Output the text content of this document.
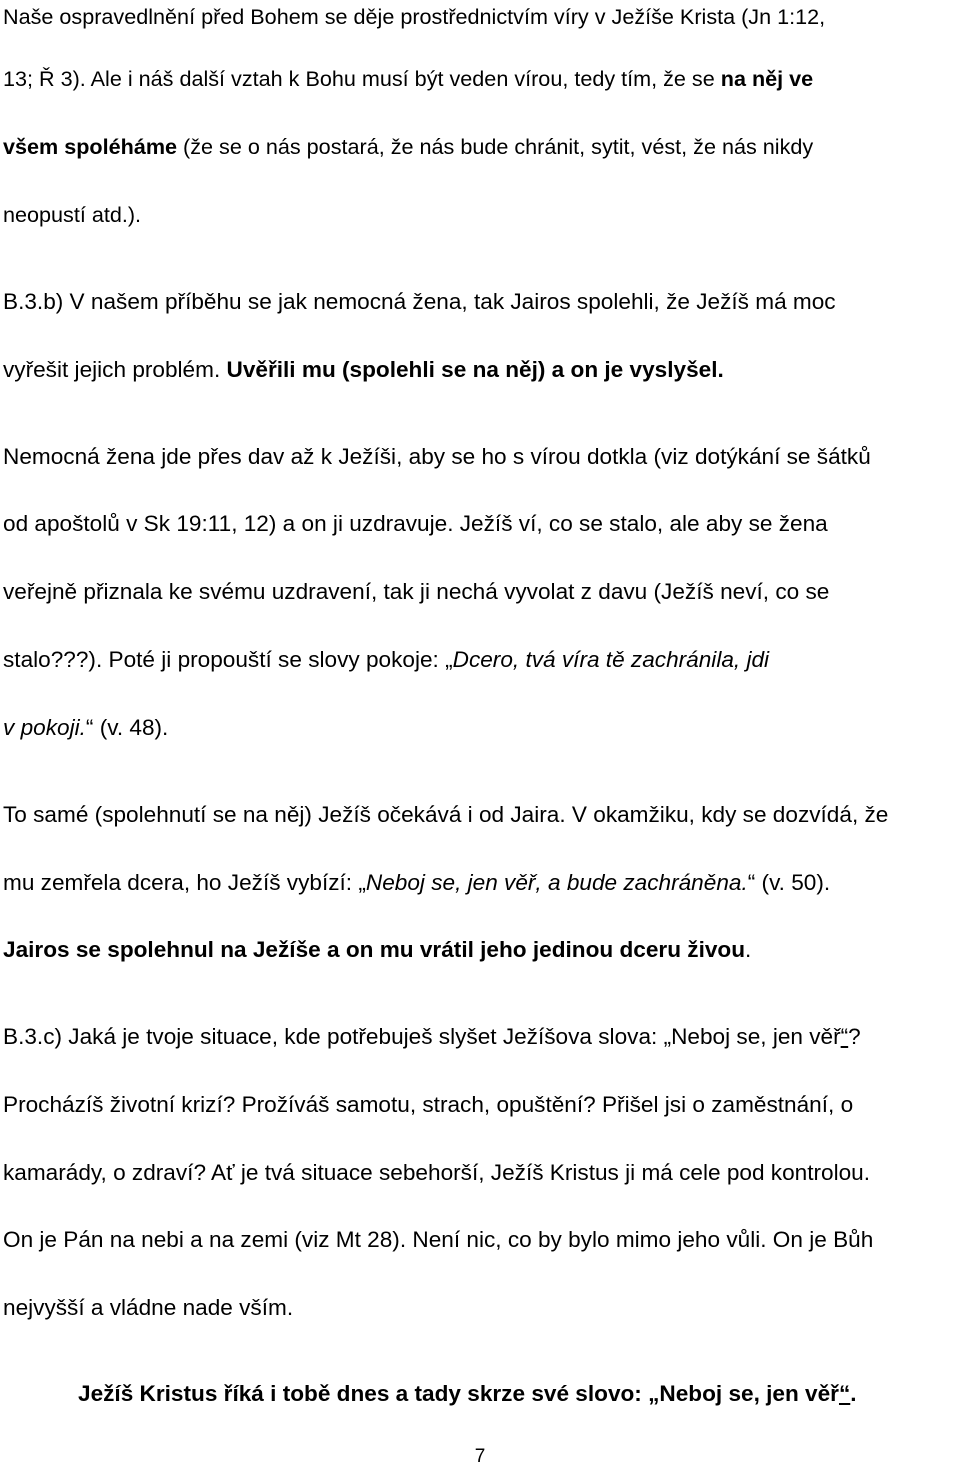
Naše ospravedlnění před Bohem se děje prostřednictvím víry v Ježíše Krista (Jn 1:12,
13; Ř 3). Ale i náš další vztah k Bohu musí být veden vírou, tedy tím, že se na něj ve
všem spoléháme (že se o nás postará, že nás bude chránit, sytit, vést, že nás nikdy
neopustí atd.).
B.3.b) V našem příběhu se jak nemocná žena, tak Jairos spolehli, že Ježíš má moc
vyřešit jejich problém. Uvěřili mu (spolehli se na něj) a on je vyslyšel.
Nemocná žena jde přes dav až k Ježíši, aby se ho s vírou dotkla (viz dotýkání se šátků
od apoštolů v Sk 19:11, 12) a on ji uzdravuje. Ježíš ví, co se stalo, ale aby se žena
veřejně přiznala ke svému uzdravení, tak ji nechá vyvolat z davu (Ježíš neví, co se
stalo???). Poté ji propouští se slovy pokoje: „Dcero, tvá víra tě zachránila, jdi
v pokoji.“ (v. 48).
To samé (spolehnutí se na něj) Ježíš očekává i od Jaira. V okamžiku, kdy se dozvídá, že
mu zemřela dcera, ho Ježíš vybízí: „Neboj se, jen věř, a bude zachráněna.“ (v. 50).
Jairos se spolehnul na Ježíše a on mu vrátil jeho jedinou dceru živou.
B.3.c) Jaká je tvoje situace, kde potřebuješ slyšet Ježíšova slova: „Neboj se, jen věř“?
Procházíš životní krizí? Prožíváš samotu, strach, opuštění? Přišel jsi o zaměstnání, o
kamarády, o zdraví? Ať je tvá situace sebehorší, Ježíš Kristus ji má cele pod kontrolou.
On je Pán na nebi a na zemi (viz Mt 28). Není nic, co by bylo mimo jeho vůli. On je Bůh
nejvyšší a vládne nade vším.
Ježíš Kristus říká i tobě dnes a tady skrze své slovo: „Neboj se, jen věř“.
7
